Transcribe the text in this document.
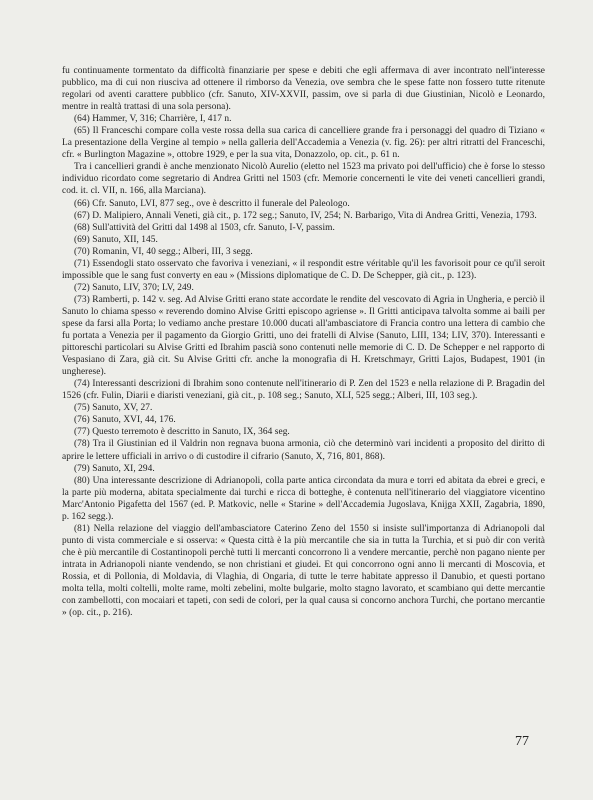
fu continuamente tormentato da difficoltà finanziarie per spese e debiti che egli affermava di aver incontrato nell'interesse pubblico, ma di cui non riusciva ad ottenere il rimborso da Venezia, ove sembra che le spese fatte non fossero tutte ritenute regolari od aventi carattere pubblico (cfr. Sanuto, XIV-XXVII, passim, ove si parla di due Giustinian, Nicolò e Leonardo, mentre in realtà trattasi di una sola persona).

(64) Hammer, V, 316; Charrière, I, 417 n.

(65) Il Franceschi compare colla veste rossa della sua carica di cancelliere grande fra i personaggi del quadro di Tiziano « La presentazione della Vergine al tempio » nella galleria dell'Accademia a Venezia (v. fig. 26): per altri ritratti del Franceschi, cfr. « Burlington Magazine », ottobre 1929, e per la sua vita, Donazzolo, op. cit., p. 61 n.

Tra i cancellieri grandi è anche menzionato Nicolò Aurelio (eletto nel 1523 ma privato poi dell'ufficio) che è forse lo stesso individuo ricordato come segretario di Andrea Gritti nel 1503 (cfr. Memorie concernenti le vite dei veneti cancellieri grandi, cod. it. cl. VII, n. 166, alla Marciana).

(66) Cfr. Sanuto, LVI, 877 seg., ove è descritto il funerale del Paleologo.

(67) D. Malipiero, Annali Veneti, già cit., p. 172 seg.; Sanuto, IV, 254; N. Barbarigo, Vita di Andrea Gritti, Venezia, 1793.

(68) Sull'attività del Gritti dal 1498 al 1503, cfr. Sanuto, I-V, passim.

(69) Sanuto, XII, 145.

(70) Romanin, VI, 40 segg.; Alberi, III, 3 segg.

(71) Essendogli stato osservato che favoriva i veneziani, « il respondit estre véritable qu'il les favorisoit pour ce qu'il seroit impossible que le sang fust converty en eau » (Missions diplomatique de C. D. De Schepper, già cit., p. 123).

(72) Sanuto, LIV, 370; LV, 249.

(73) Ramberti, p. 142 v. seg. Ad Alvise Gritti erano state accordate le rendite del vescovato di Agria in Ungheria, e perciò il Sanuto lo chiama spesso « reverendo domino Alvise Gritti episcopo agriense ». Il Gritti anticipava talvolta somme ai baili per spese da farsi alla Porta; lo vediamo anche prestare 10.000 ducati all'ambasciatore di Francia contro una lettera di cambio che fu portata a Venezia per il pagamento da Giorgio Gritti, uno dei fratelli di Alvise (Sanuto, LIII, 134; LIV, 370). Interessanti e pittoreschi particolari su Alvise Gritti ed Ibrahim pascià sono contenuti nelle memorie di C. D. De Schepper e nel rapporto di Vespasiano di Zara, già cit. Su Alvise Gritti cfr. anche la monografia di H. Kretschmayr, Gritti Lajos, Budapest, 1901 (in ungherese).

(74) Interessanti descrizioni di Ibrahim sono contenute nell'itinerario di P. Zen del 1523 e nella relazione di P. Bragadin del 1526 (cfr. Fulin, Diarii e diaristi veneziani, già cit., p. 108 seg.; Sanuto, XLI, 525 segg.; Alberi, III, 103 seg.).

(75) Sanuto, XV, 27.

(76) Sanuto, XVI, 44, 176.

(77) Questo terremoto è descritto in Sanuto, IX, 364 seg.

(78) Tra il Giustinian ed il Valdrin non regnava buona armonia, ciò che determinò vari incidenti a proposito del diritto di aprire le lettere ufficiali in arrivo o di custodire il cifrario (Sanuto, X, 716, 801, 868).

(79) Sanuto, XI, 294.

(80) Una interessante descrizione di Adrianopoli, colla parte antica circondata da mura e torri ed abitata da ebrei e greci, e la parte più moderna, abitata specialmente dai turchi e ricca di botteghe, è contenuta nell'itinerario del viaggiatore vicentino Marc'Antonio Pigafetta del 1567 (ed. P. Matkovic, nelle « Starine » dell'Accademia Jugoslava, Knijga XXII, Zagabria, 1890, p. 162 segg.).

(81) Nella relazione del viaggio dell'ambasciatore Caterino Zeno del 1550 si insiste sull'importanza di Adrianopoli dal punto di vista commerciale e si osserva: « Questa città è la più mercantile che sia in tutta la Turchia, et si può dir con verità che è più mercantile di Costantinopoli perchè tutti li mercanti concorrono lì a vendere mercantie, perchè non pagano niente per intrata in Adrianopoli niante vendendo, se non christiani et giudei. Et qui concorrono ogni anno li mercanti di Moscovia, et Rossia, et di Pollonia, di Moldavia, di Vlaghia, di Ongaria, di tutte le terre habitate appresso il Danubio, et questi portano molta tella, molti coltelli, molte rame, molti zebelini, molte bulgarie, molto stagno lavorato, et scambiano qui dette mercantie con zambellotti, con mocaiari et tapeti, con sedi de colori, per la qual causa si concorno anchora Turchi, che portano mercantie » (op. cit., p. 216).

77
